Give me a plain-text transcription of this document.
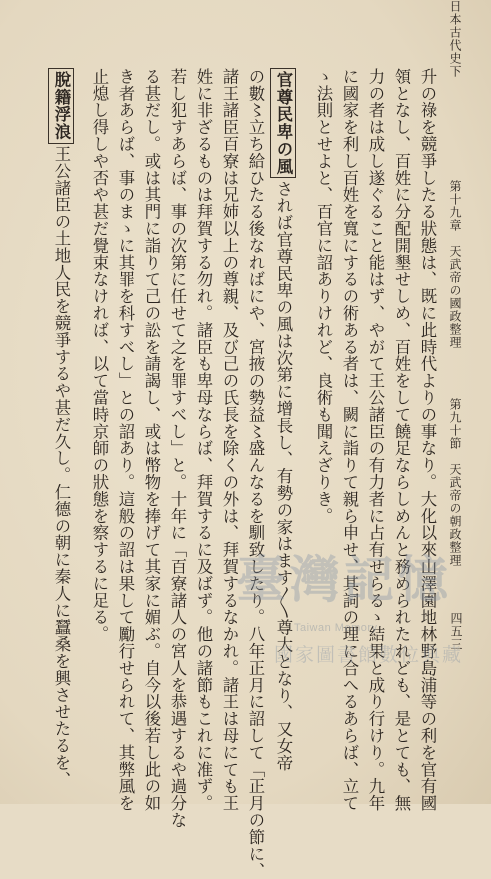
日本古代史下
第十九章　天武帝の國政整理
第九十節　天武帝の朝政整理
四五三
升の祿を競爭したる狀態は、既に此時代よりの事なり。大化以來山澤園地林野島浦等の利を官有國
領となし、百姓に分配開墾せしめ、百姓をして饒足ならしめんと務められたれども、是とても、無
力の者は成し遂ぐること能はず、やがて王公諸臣の有力者に占有せらるゝ結果と成り行けり。九年
に國家を利し百姓を寬にするの術ある者は、闕に詣りて親ら申せ、其詞の理に合へるあらば、立て
ゝ法則とせよと、百官に詔ありけれど、良術も聞えざりき。
官尊民卑の風されば官尊民卑の風は次第に增長し、有勢の家はます〳〵尊大となり、又女帝
の數〻立ち給ひたる後なればにや、宮掖の勢益〻盛んなるを馴致したり。八年正月に詔して「正月の節に、
諸王諸臣百寮は兄姉以上の尊親、及び己の氏長を除くの外は、拜賀するなかれ。諸王は母にても王
姓に非ざるものは拜賀する勿れ。諸臣も卑母ならば、拜賀するに及ばず。他の諸節もこれに准ず。
若し犯すあらば、事の次第に任せて之を罪すべし」と。十年に「百寮諸人の宮人を恭遇するや過分な
る甚だし。或は其門に詣りて己の訟を請謁し、或は幣物を捧げて其家に媚ぶ。自今以後若し此の如
き者あらば、事のまゝに其罪を科すべし」との詔あり。這般の詔は果して勵行せられて、其弊風を
止熄し得しや否や甚だ覺束なければ、以て當時京師の狀態を察するに足る。
脫籍浮浪王公諸臣の土地人民を競爭するや甚だ久し。仁德の朝に秦人に蠶桑を興させたるを、	臺灣記憶
Taiwan Memory
國家圖書館數位典藏
